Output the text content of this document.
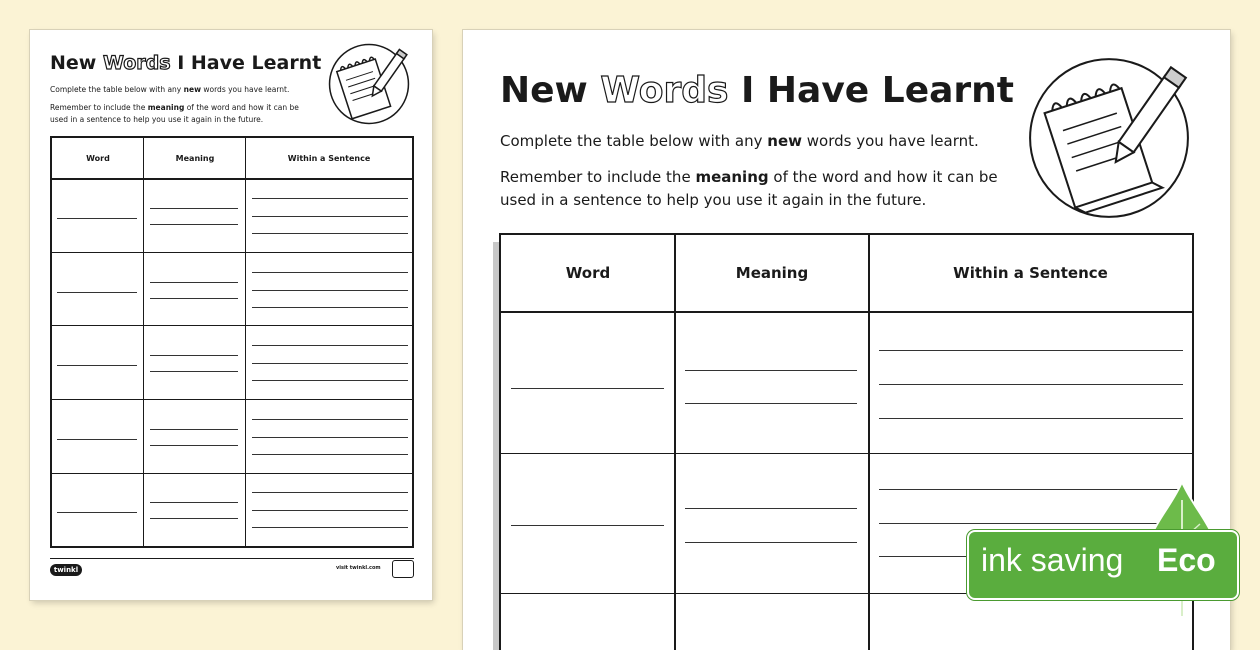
New Words I Have Learnt
Complete the table below with any new words you have learnt.
Remember to include the meaning of the word and how it can be used in a sentence to help you use it again in the future.
Word	Meaning	Within a Sentence
twinkl	visit twinkl.com
New Words I Have Learnt
Complete the table below with any new words you have learnt.
Remember to include the meaning of the word and how it can be used in a sentence to help you use it again in the future.
Word	Meaning	Within a Sentence
ink saving Eco
